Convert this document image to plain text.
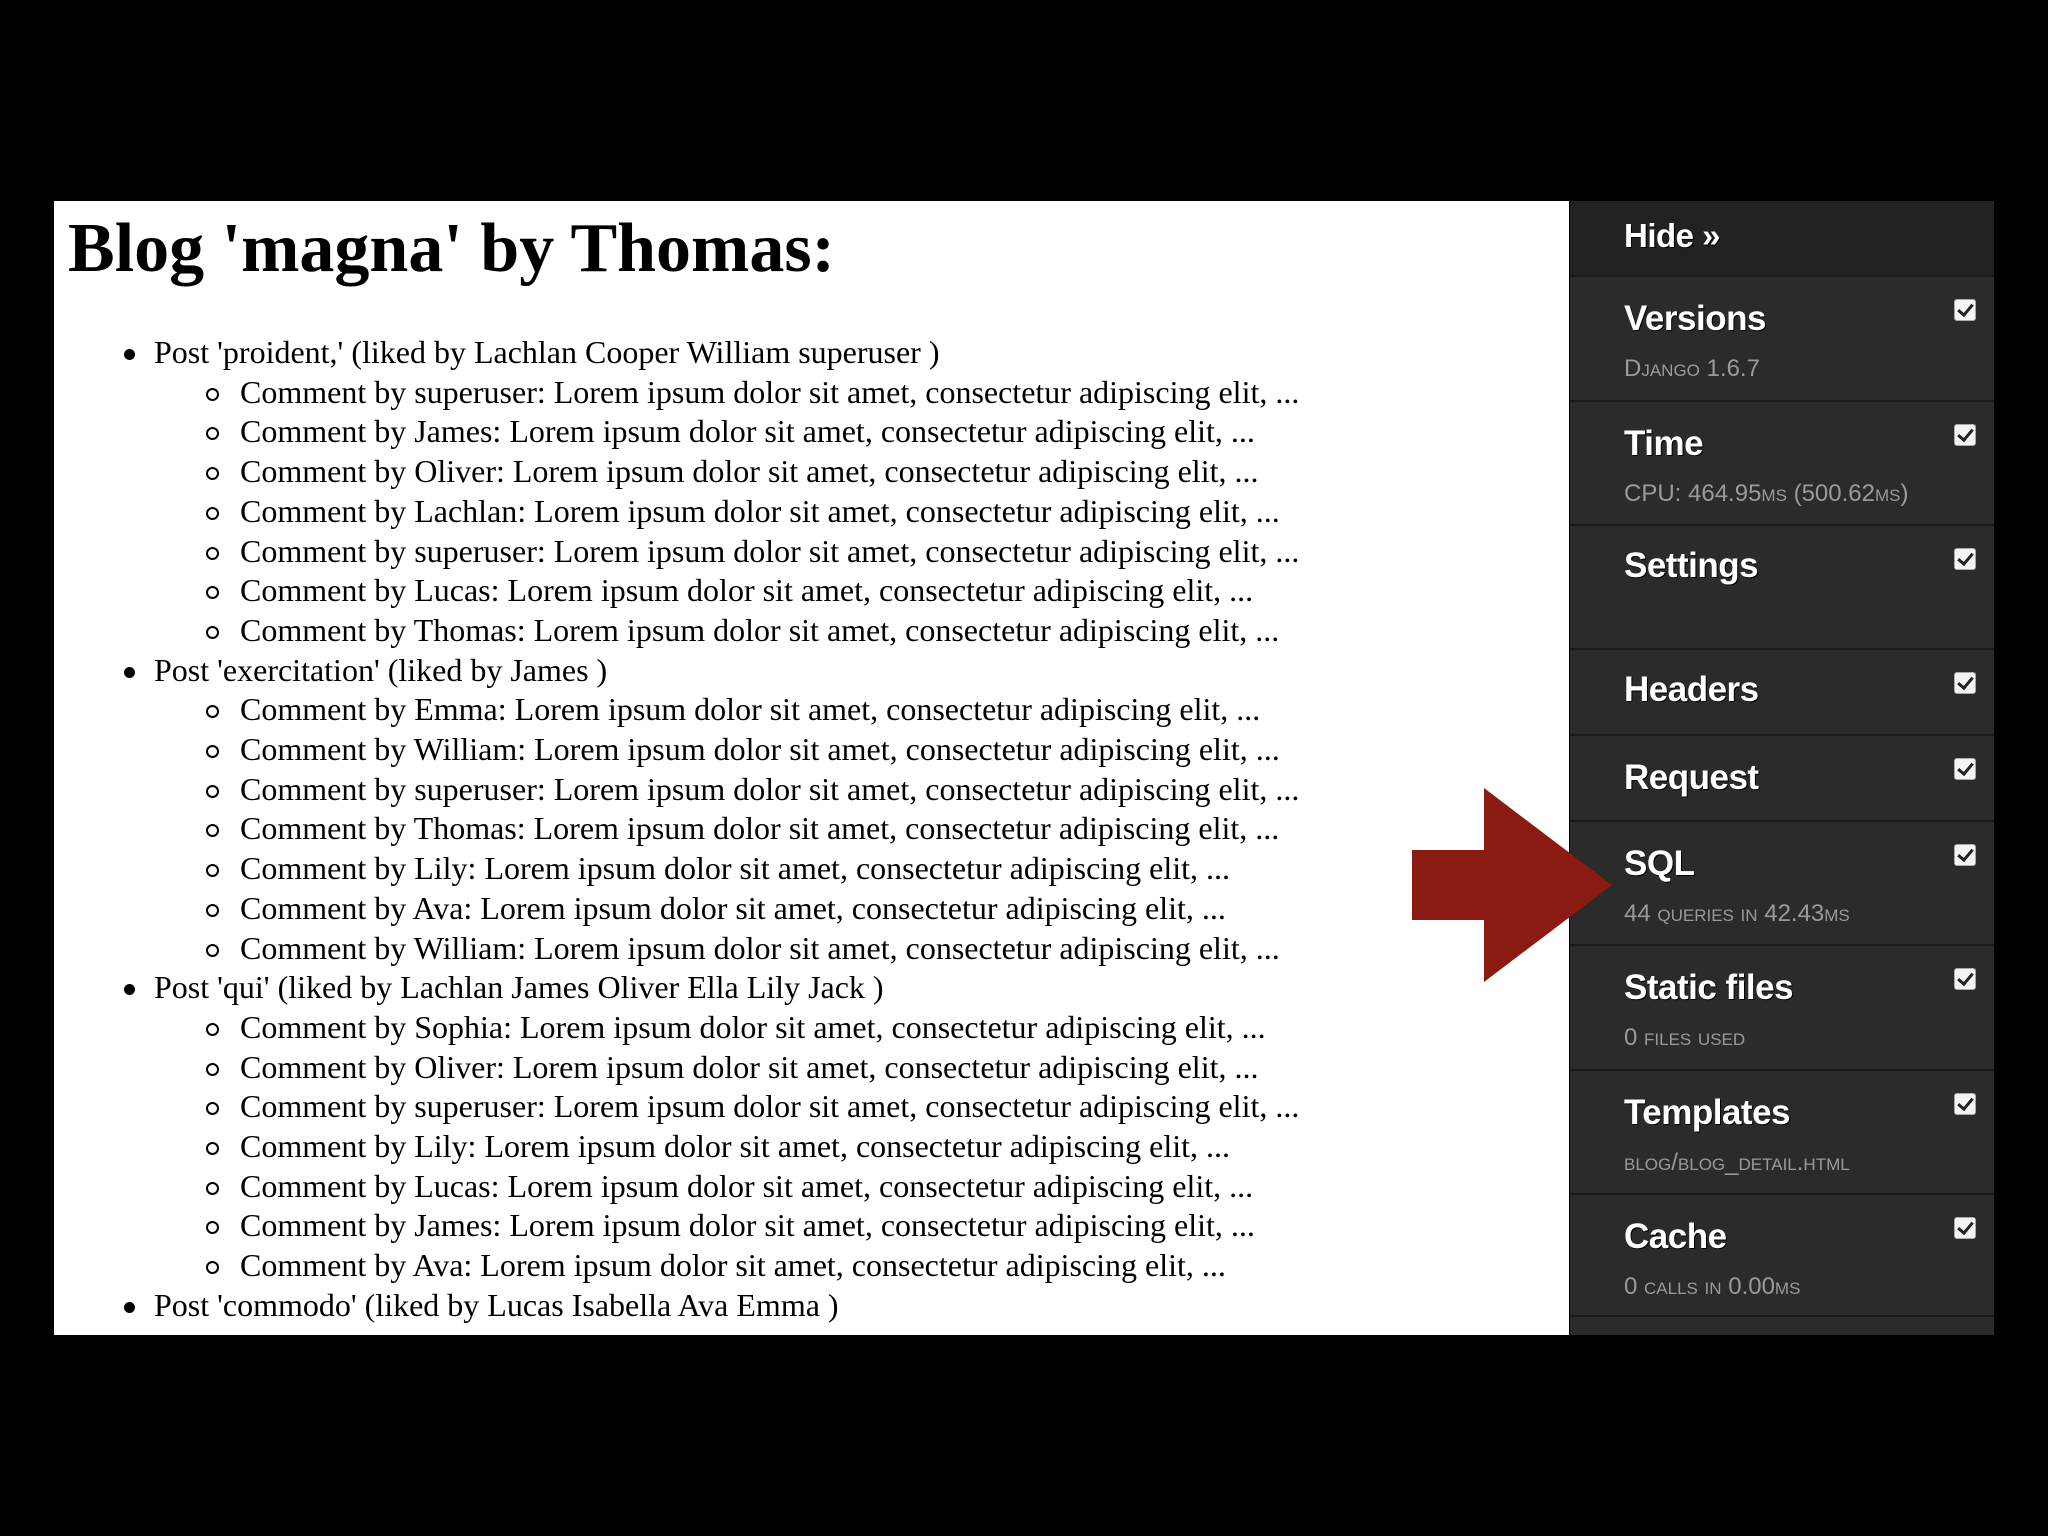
Blog 'magna' by Thomas:
Post 'proident,' (liked by Lachlan Cooper William superuser )
Comment by superuser: Lorem ipsum dolor sit amet, consectetur adipiscing elit, ...
Comment by James: Lorem ipsum dolor sit amet, consectetur adipiscing elit, ...
Comment by Oliver: Lorem ipsum dolor sit amet, consectetur adipiscing elit, ...
Comment by Lachlan: Lorem ipsum dolor sit amet, consectetur adipiscing elit, ...
Comment by superuser: Lorem ipsum dolor sit amet, consectetur adipiscing elit, ...
Comment by Lucas: Lorem ipsum dolor sit amet, consectetur adipiscing elit, ...
Comment by Thomas: Lorem ipsum dolor sit amet, consectetur adipiscing elit, ...
Post 'exercitation' (liked by James )
Comment by Emma: Lorem ipsum dolor sit amet, consectetur adipiscing elit, ...
Comment by William: Lorem ipsum dolor sit amet, consectetur adipiscing elit, ...
Comment by superuser: Lorem ipsum dolor sit amet, consectetur adipiscing elit, ...
Comment by Thomas: Lorem ipsum dolor sit amet, consectetur adipiscing elit, ...
Comment by Lily: Lorem ipsum dolor sit amet, consectetur adipiscing elit, ...
Comment by Ava: Lorem ipsum dolor sit amet, consectetur adipiscing elit, ...
Comment by William: Lorem ipsum dolor sit amet, consectetur adipiscing elit, ...
Post 'qui' (liked by Lachlan James Oliver Ella Lily Jack )
Comment by Sophia: Lorem ipsum dolor sit amet, consectetur adipiscing elit, ...
Comment by Oliver: Lorem ipsum dolor sit amet, consectetur adipiscing elit, ...
Comment by superuser: Lorem ipsum dolor sit amet, consectetur adipiscing elit, ...
Comment by Lily: Lorem ipsum dolor sit amet, consectetur adipiscing elit, ...
Comment by Lucas: Lorem ipsum dolor sit amet, consectetur adipiscing elit, ...
Comment by James: Lorem ipsum dolor sit amet, consectetur adipiscing elit, ...
Comment by Ava: Lorem ipsum dolor sit amet, consectetur adipiscing elit, ...
Post 'commodo' (liked by Lucas Isabella Ava Emma )
Hide »
Versions
Django 1.6.7
Time
CPU: 464.95ms (500.62ms)
Settings
Headers
Request
SQL
44 queries in 42.43ms
Static files
0 files used
Templates
blog/blog_detail.html
Cache
0 calls in 0.00ms
